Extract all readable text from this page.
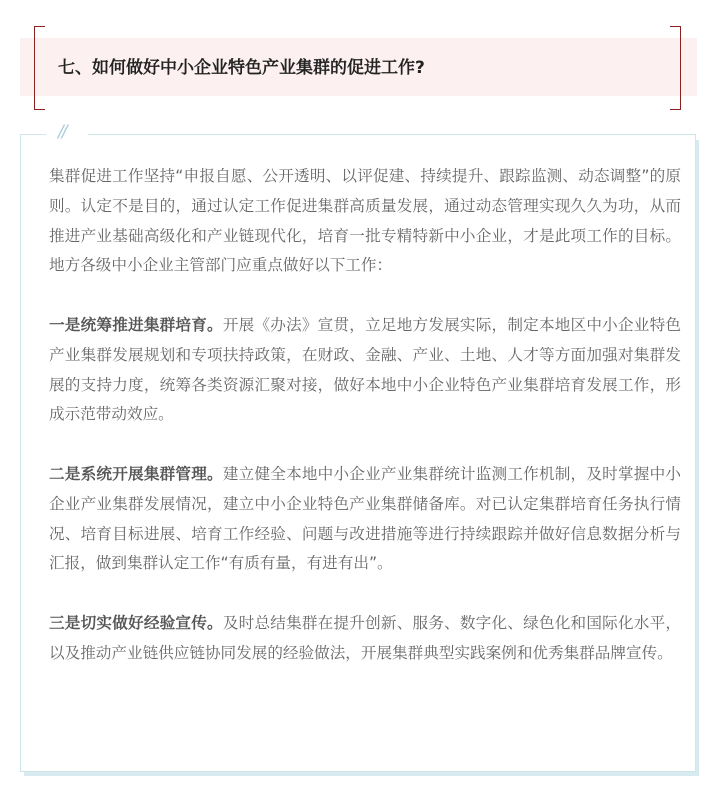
七、如何做好中小企业特色产业集群的促进工作?
//

集群促进工作坚持“申报自愿、公开透明、以评促建、持续提升、跟踪监测、动态调整”的原则。认定不是目的，通过认定工作促进集群高质量发展，通过动态管理实现久久为功，从而推进产业基础高级化和产业链现代化，培育一批专精特新中小企业，才是此项工作的目标。地方各级中小企业主管部门应重点做好以下工作：

一是统筹推进集群培育。开展《办法》宣贯，立足地方发展实际，制定本地区中小企业特色产业集群发展规划和专项扶持政策，在财政、金融、产业、土地、人才等方面加强对集群发展的支持力度，统筹各类资源汇聚对接，做好本地中小企业特色产业集群培育发展工作，形成示范带动效应。

二是系统开展集群管理。建立健全本地中小企业产业集群统计监测工作机制，及时掌握中小企业产业集群发展情况，建立中小企业特色产业集群储备库。对已认定集群培育任务执行情况、培育目标进展、培育工作经验、问题与改进措施等进行持续跟踪并做好信息数据分析与汇报，做到集群认定工作“有质有量，有进有出”。

三是切实做好经验宣传。及时总结集群在提升创新、服务、数字化、绿色化和国际化水平，以及推动产业链供应链协同发展的经验做法，开展集群典型实践案例和优秀集群品牌宣传。
